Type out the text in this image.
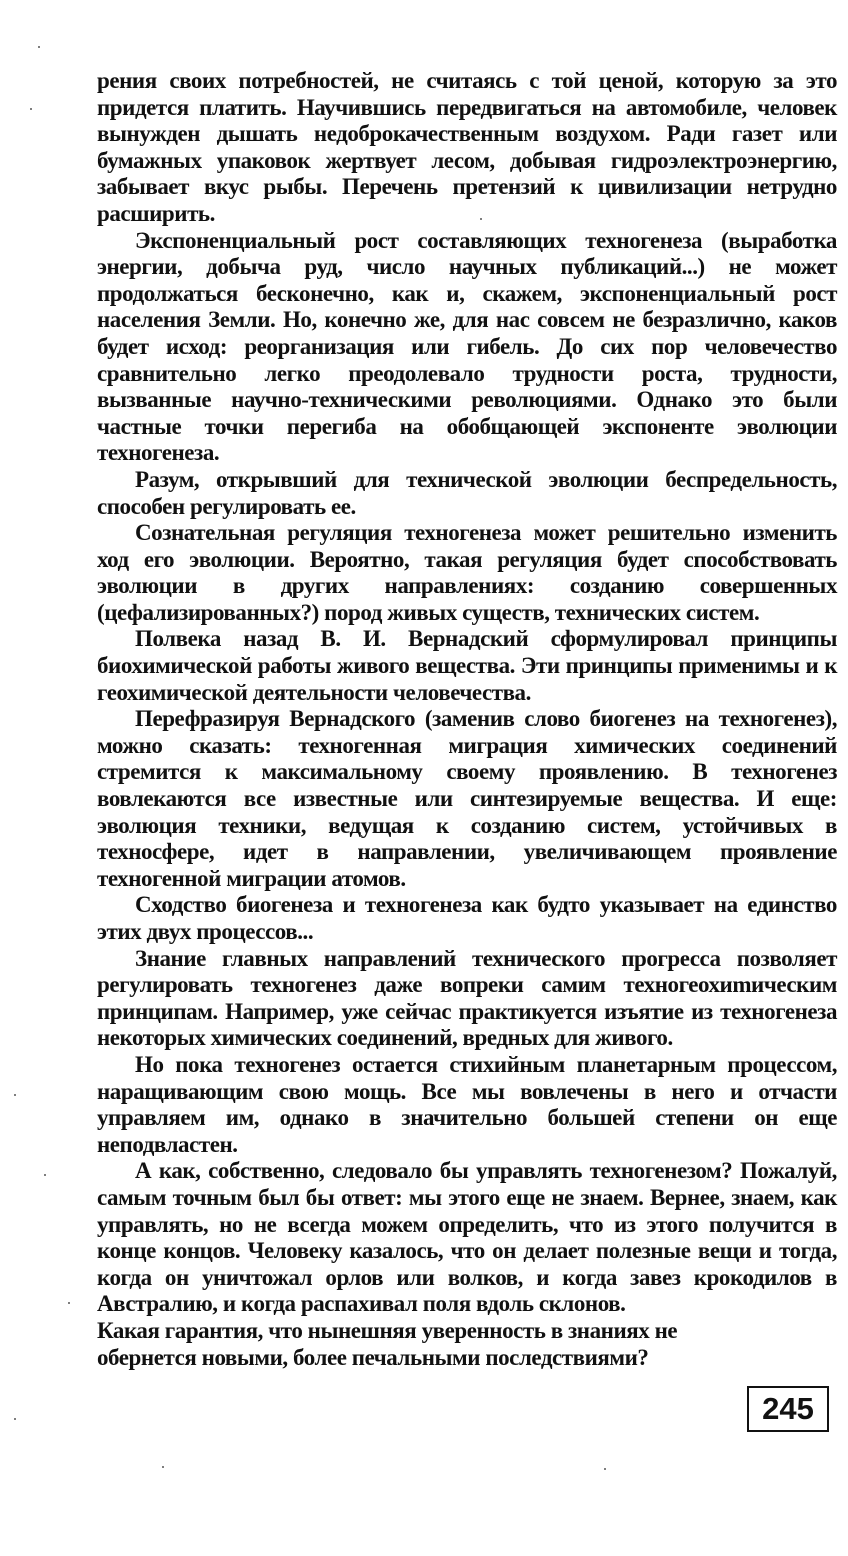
рения своих потребностей, не считаясь с той ценой, которую за это придется платить. Научившись передвигаться на автомобиле, человек вынужден дышать недоброкачественным воздухом. Ради газет или бумажных упаковок жертвует лесом, добывая гидроэлектроэнергию, забывает вкус рыбы. Перечень претензий к цивилизации нетрудно расширить.

Экспоненциальный рост составляющих техногенеза (выработка энергии, добыча руд, число научных публикаций...) не может продолжаться бесконечно, как и, скажем, экспоненциальный рост населения Земли. Но, конечно же, для нас совсем не безразлично, каков будет исход: реорганизация или гибель. До сих пор человечество сравнительно легко преодолевало трудности роста, трудности, вызванные научно-техническими революциями. Однако это были частные точки перегиба на обобщающей экспоненте эволюции техногенеза.

Разум, открывший для технической эволюции беспредельность, способен регулировать ее.

Сознательная регуляция техногенеза может решительно изменить ход его эволюции. Вероятно, такая регуляция будет способствовать эволюции в других направлениях: созданию совершенных (цефализированных?) пород живых существ, технических систем.

Полвека назад В. И. Вернадский сформулировал принципы биохимической работы живого вещества. Эти принципы применимы и к геохимической деятельности человечества.

Перефразируя Вернадского (заменив слово биогенез на техногенез), можно сказать: техногенная миграция химических соединений стремится к максимальному своему проявлению. В техногенез вовлекаются все известные или синтезируемые вещества. И еще: эволюция техники, ведущая к созданию систем, устойчивых в техносфере, идет в направлении, увеличивающем проявление техногенной миграции атомов.

Сходство биогенеза и техногенеза как будто указывает на единство этих двух процессов...

Знание главных направлений технического прогресса позволяет регулировать техногенез даже вопреки самим техногеохиmическим принципам. Например, уже сейчас практикуется изъятие из техногенеза некоторых химических соединений, вредных для живого.

Но пока техногенез остается стихийным планетарным процессом, наращивающим свою мощь. Все мы вовлечены в него и отчасти управляем им, однако в значительно большей степени он еще неподвластен.

А как, собственно, следовало бы управлять техногенезом? Пожалуй, самым точным был бы ответ: мы этого еще не знаем. Вернее, знаем, как управлять, но не всегда можем определить, что из этого получится в конце концов. Человеку казалось, что он делает полезные вещи и тогда, когда он уничтожал орлов или волков, и когда завез крокодилов в Австралию, и когда распахивал поля вдоль склонов.

Какая гарантия, что нынешняя уверенность в знаниях не обернется новыми, более печальными последствиями?

245
